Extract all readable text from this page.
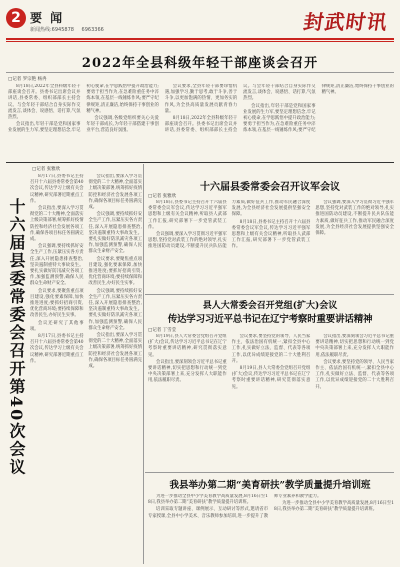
2 要 闻
新闻热线:6945878 6963366	封武时讯
2022年全县科级年轻干部座谈会召开
□记者 罗宗艳 杨冉

8月18日,2022年全县科级年轻干部座谈会召开。县委书记出席会议并讲话,县委常委、组织部部长主持会议。与会年轻干部结合自身实际作交流发言,谈体会、说感悟、话打算,气氛热烈。

会议指出,年轻干部是党和国家事业发展的生力军,要坚定理想信念,牢记初心使命,在学思践悟中提升政治能力;要勇于担当作为,在急难险重任务中淬炼本领,在基层一线锤炼作风;要严守纪律规矩,清正廉洁,始终保持干事创业的精气神。

会议强调,各级党组织要关心关爱年轻干部成长,为年轻干部搭建干事创业平台,营造良好氛围。

会议要求,全县年轻干部要珍惜机遇,加强学习,勤于思考,敢于斗争,善于斗争,以更加饱满的热情、更加务实的作风,为全县高质量发展贡献青春力量。

8月18日,2022年全县科级年轻干部座谈会召开。县委书记出席会议并讲话,县委常委、组织部部长主持会议。与会年轻干部结合自身实际作交流发言,谈体会、说感悟、话打算,气氛热烈。

会议指出,年轻干部是党和国家事业发展的生力军,要坚定理想信念,牢记初心使命,在学思践悟中提升政治能力;要勇于担当作为,在急难险重任务中淬炼本领,在基层一线锤炼作风;要严守纪律规矩,清正廉洁,始终保持干事创业的精气神。

十六届县委常委会召开第40次会议
□记者 张雅欣

8月17日,县委书记主持召开十六届县委常委会第40次会议,传达学习上级有关会议精神,研究部署近期重点工作。

会议指出,要深入学习贯彻党的二十大精神,全面落实上级决策部署,统筹抓好疫情防控和经济社会发展各项工作,确保各项目标任务圆满完成。

会议强调,要持续抓好安全生产工作,压紧压实各方责任,深入开展隐患排查整治,坚决遏制重特大事故发生。要扎实做好防汛减灾各项工作,加强监测预警,确保人民群众生命财产安全。

会议要求,要聚焦重点项目建设,强化要素保障,加快推进进度;要抓好招商引资,优化营商环境;要持续保障和改善民生,办好民生实事。

会议还研究了其他事项。

8月17日,县委书记主持召开十六届县委常委会第40次会议,传达学习上级有关会议精神,研究部署近期重点工作。

会议指出,要深入学习贯彻党的二十大精神,全面落实上级决策部署,统筹抓好疫情防控和经济社会发展各项工作,确保各项目标任务圆满完成。

会议强调,要持续抓好安全生产工作,压紧压实各方责任,深入开展隐患排查整治,坚决遏制重特大事故发生。要扎实做好防汛减灾各项工作,加强监测预警,确保人民群众生命财产安全。

会议要求,要聚焦重点项目建设,强化要素保障,加快推进进度;要抓好招商引资,优化营商环境;要持续保障和改善民生,办好民生实事。

会议强调,要持续抓好安全生产工作,压紧压实各方责任,深入开展隐患排查整治,坚决遏制重特大事故发生。要扎实做好防汛减灾各项工作,加强监测预警,确保人民群众生命财产安全。

会议指出,要深入学习贯彻党的二十大精神,全面落实上级决策部署,统筹抓好疫情防控和经济社会发展各项工作,确保各项目标任务圆满完成。

十六届县委常委会召开议军会议
□记者 张雅欣

8月18日,县委书记主持召开十六届县委常委会议军会议,传达学习习近平强军思想和上级有关会议精神,听取县人武部工作汇报,研究部署下一步党管武装工作。

会议强调,要深入学习贯彻习近平强军思想,坚持党对武装工作的绝对领导,扎实推进国防动员建设,不断提升民兵队伍能力素质,做好征兵工作,推动军民融合深度发展,为全县经济社会发展提供坚强安全保障。

8月18日,县委书记主持召开十六届县委常委会议军会议,传达学习习近平强军思想和上级有关会议精神,听取县人武部工作汇报,研究部署下一步党管武装工作。

会议强调,要深入学习贯彻习近平强军思想,坚持党对武装工作的绝对领导,扎实推进国防动员建设,不断提升民兵队伍能力素质,做好征兵工作,推动军民融合深度发展,为全县经济社会发展提供坚强安全保障。

县人大常委会召开党组(扩大)会议
传达学习习近平总书记在辽宁考察时重要讲话精神
□记者 丁雪莹

8月19日,县人大常委会党组召开党组(扩大)会议,传达学习习近平总书记在辽宁考察时重要讲话精神,研究贯彻落实意见。

会议指出,要深刻领会习近平总书记重要讲话精神,切实把思想和行动统一到党中央决策部署上来,充分发挥人大职能作用,依法履职尽责。

会议要求,要坚持党的领导、人民当家作主、依法治国有机统一,紧扣全县中心工作,扎实做好立法、监督、代表等各项工作,以优异成绩迎接党的二十大胜利召开。

8月19日,县人大常委会党组召开党组(扩大)会议,传达学习习近平总书记在辽宁考察时重要讲话精神,研究贯彻落实意见。

会议指出,要深刻领会习近平总书记重要讲话精神,切实把思想和行动统一到党中央决策部署上来,充分发挥人大职能作用,依法履职尽责。

会议要求,要坚持党的领导、人民当家作主、依法治国有机统一,紧扣全县中心工作,扎实做好立法、监督、代表等各项工作,以优异成绩迎接党的二十大胜利召开。

我县举办第二期“美育研扶”教学质量提升培训班

为进一步推动全县中小学美育教学高质量发展,8月16日至18日,我县举办第二期“美育研扶”教学质量提升培训班。

培训采取专题讲座、课例展示、互动研讨等形式,邀请省市专家授课,全县中小学美术、音乐教师参加培训,进一步提升了教师专业素养和教学能力。

为进一步推动全县中小学美育教学高质量发展,8月16日至18日,我县举办第二期“美育研扶”教学质量提升培训班。
